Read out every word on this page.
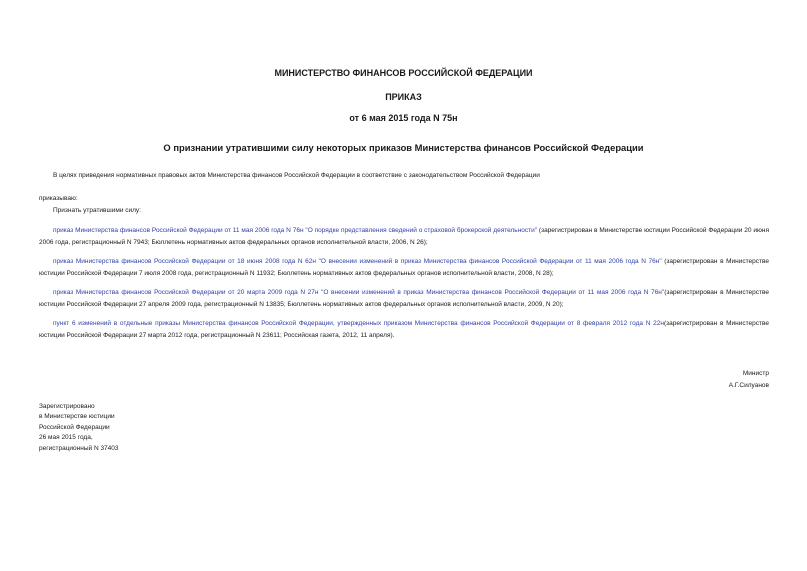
МИНИСТЕРСТВО ФИНАНСОВ РОССИЙСКОЙ ФЕДЕРАЦИИ
ПРИКАЗ
от 6 мая 2015 года N 75н
О признании утратившими силу некоторых приказов Министерства финансов Российской Федерации

В целях приведения нормативных правовых актов Министерства финансов Российской Федерации в соответствие с законодательством Российской Федерации

приказываю:

Признать утратившими силу:

приказ Министерства финансов Российской Федерации от 11 мая 2006 года N 76н "О порядке представления сведений о страховой брокерской деятельности" (зарегистрирован в Министерстве юстиции Российской Федерации 20 июня 2006 года, регистрационный N 7943; Бюллетень нормативных актов федеральных органов исполнительной власти, 2006, N 26);

приказ Министерства финансов Российской Федерации от 18 июня 2008 года N 62н "О внесении изменений в приказ Министерства финансов Российской Федерации от 11 мая 2006 года N 76н" (зарегистрирован в Министерстве юстиции Российской Федерации 7 июля 2008 года, регистрационный N 11932; Бюллетень нормативных актов федеральных органов исполнительной власти, 2008, N 28);

приказ Министерства финансов Российской Федерации от 20 марта 2009 года N 27н "О внесении изменений в приказ Министерства финансов Российской Федерации от 11 мая 2006 года N 76н"(зарегистрирован в Министерстве юстиции Российской Федерации 27 апреля 2009 года, регистрационный N 13835; Бюллетень нормативных актов федеральных органов исполнительной власти, 2009, N 20);

пункт 6 изменений в отдельные приказы Министерства финансов Российской Федерации, утвержденных приказом Министерства финансов Российской Федерации от 8 февраля 2012 года N 22н(зарегистрирован в Министерстве юстиции Российской Федерации 27 марта 2012 года, регистрационный N 23611; Российская газета, 2012, 11 апреля).

Министр
А.Г.Силуанов
Зарегистрировано
в Министерстве юстиции
Российской Федерации
26 мая 2015 года,
регистрационный N 37403
